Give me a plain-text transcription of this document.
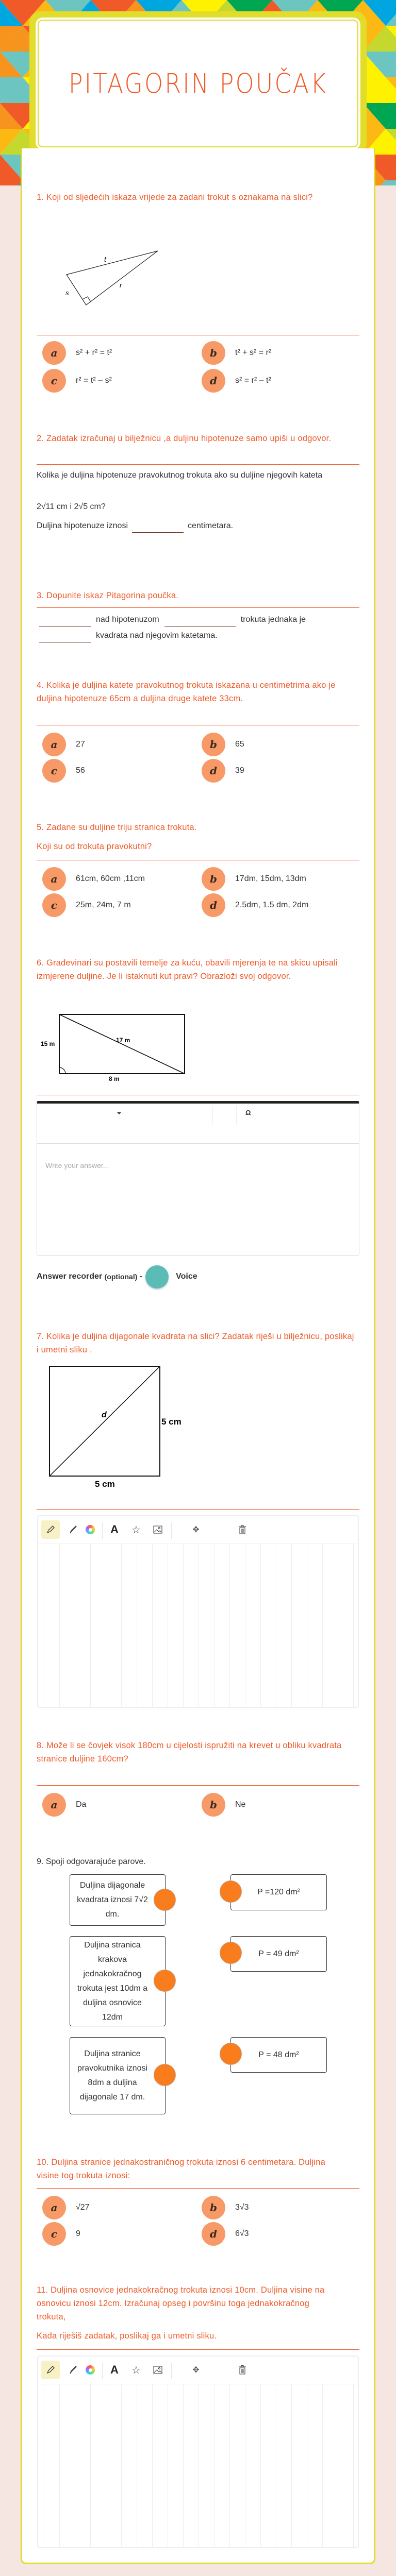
PITAGORIN POUČAK
1. Koji od sljedećih iskaza vrijede za zadani trokut s oznakama na slici?
t
r
s
a	s² + r² = t²	b	t² + s² = r²
c	r² = t² – s²	d	s² = r² – t²
2. Zadatak izračunaj u bilježnicu ,a duljinu hipotenuze samo upiši u odgovor.
Kolika je duljina hipotenuze pravokutnog trokuta ako su duljine njegovih kateta
2√11 cm i 2√5 cm?
Duljina hipotenuze iznosi	centimetara.
3. Dopunite iskaz Pitagorina poučka.
nad hipotenuzom	trokuta jednaka je
kvadrata nad njegovim katetama.
4. Kolika je duljina katete pravokutnog trokuta iskazana u centimetrima ako je duljina hipotenuze 65cm a duljina druge katete 33cm.
a	27	b	65
c	56	d	39
5. Zadane su duljine triju stranica trokuta.
Koji su od trokuta pravokutni?
a	61cm, 60cm ,11cm	b	17dm, 15dm, 13dm
c	25m, 24m, 7 m	d	2.5dm, 1.5 dm, 2dm
6. Građevinari su postavili temelje za kuću, obavili mjerenja te na skicu upisali izmjerene duljine. Je li istaknuti kut pravi? Obrazloži svoj odgovor.
15 m	17 m
8 m
Ω
Write your answer...
Answer recorder
(optional)
-	Voice
7. Kolika je duljina dijagonale kvadrata na slici? Zadatak riješi u bilježnicu, poslikaj i umetni sliku .
d
5 cm
5 cm
A	☆	✥
8. Može li se čovjek visok 180cm u cijelosti ispružiti na krevet u obliku kvadrata stranice duljine 160cm?
a	Da	b	Ne
9. Spoji odgovarajuće parove.
Duljina dijagonale kvadrata iznosi 7√2 dm.
Duljina stranica krakova jednakokračnog trokuta jest 10dm a duljina osnovice 12dm
Duljina stranice pravokutnika iznosi 8dm a duljina dijagonale 17 dm.
P =120 dm²
P = 49 dm²
P = 48 dm²
10. Duljina stranice jednakostraničnog trokuta iznosi 6 centimetara. Duljina visine tog trokuta iznosi:
a	√27	b	3√3
c	9	d	6√3
11. Duljina osnovice jednakokračnog trokuta iznosi 10cm. Duljina visine na osnovicu iznosi 12cm. Izračunaj opseg i površinu toga jednakokračnog trokuta,
Kada riješiš zadatak, poslikaj ga i umetni sliku.
A	☆	✥
